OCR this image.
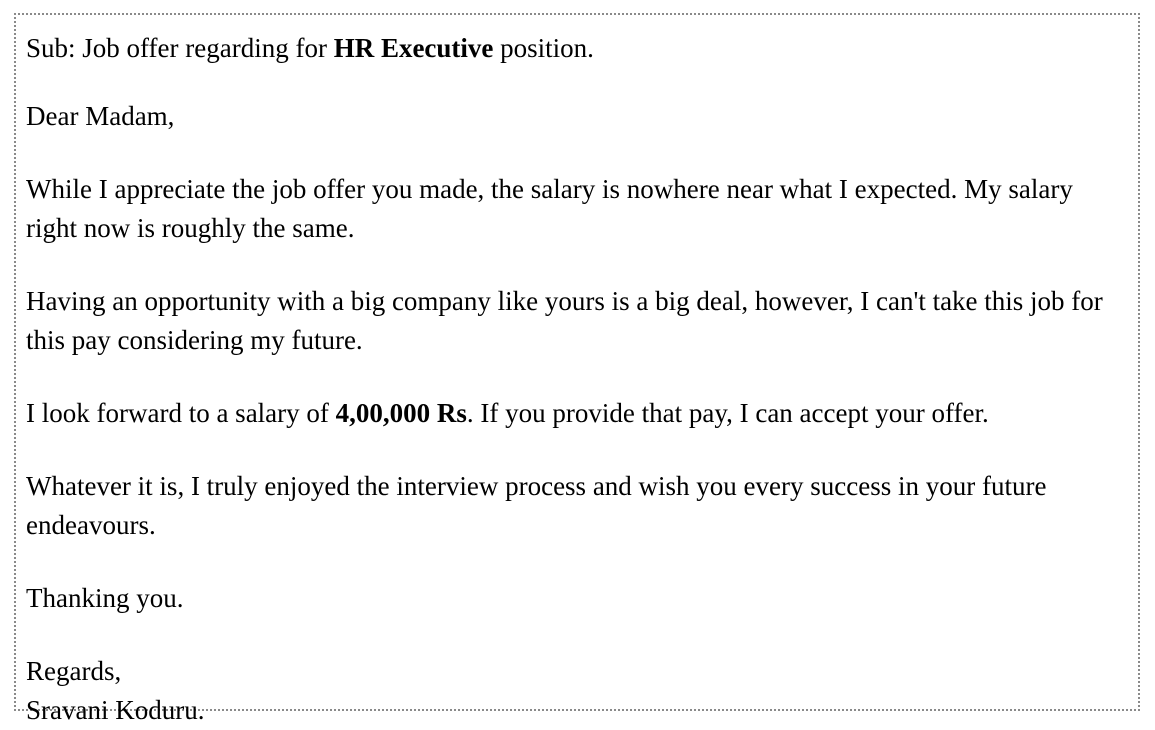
Sub: Job offer regarding for HR Executive position.

Dear Madam,

While I appreciate the job offer you made, the salary is nowhere near what I expected. My salary right now is roughly the same.

Having an opportunity with a big company like yours is a big deal, however, I can't take this job for this pay considering my future.

I look forward to a salary of 4,00,000 Rs. If you provide that pay, I can accept your offer.

Whatever it is, I truly enjoyed the interview process and wish you every success in your future endeavours.

Thanking you.

Regards,

Sravani Koduru.
